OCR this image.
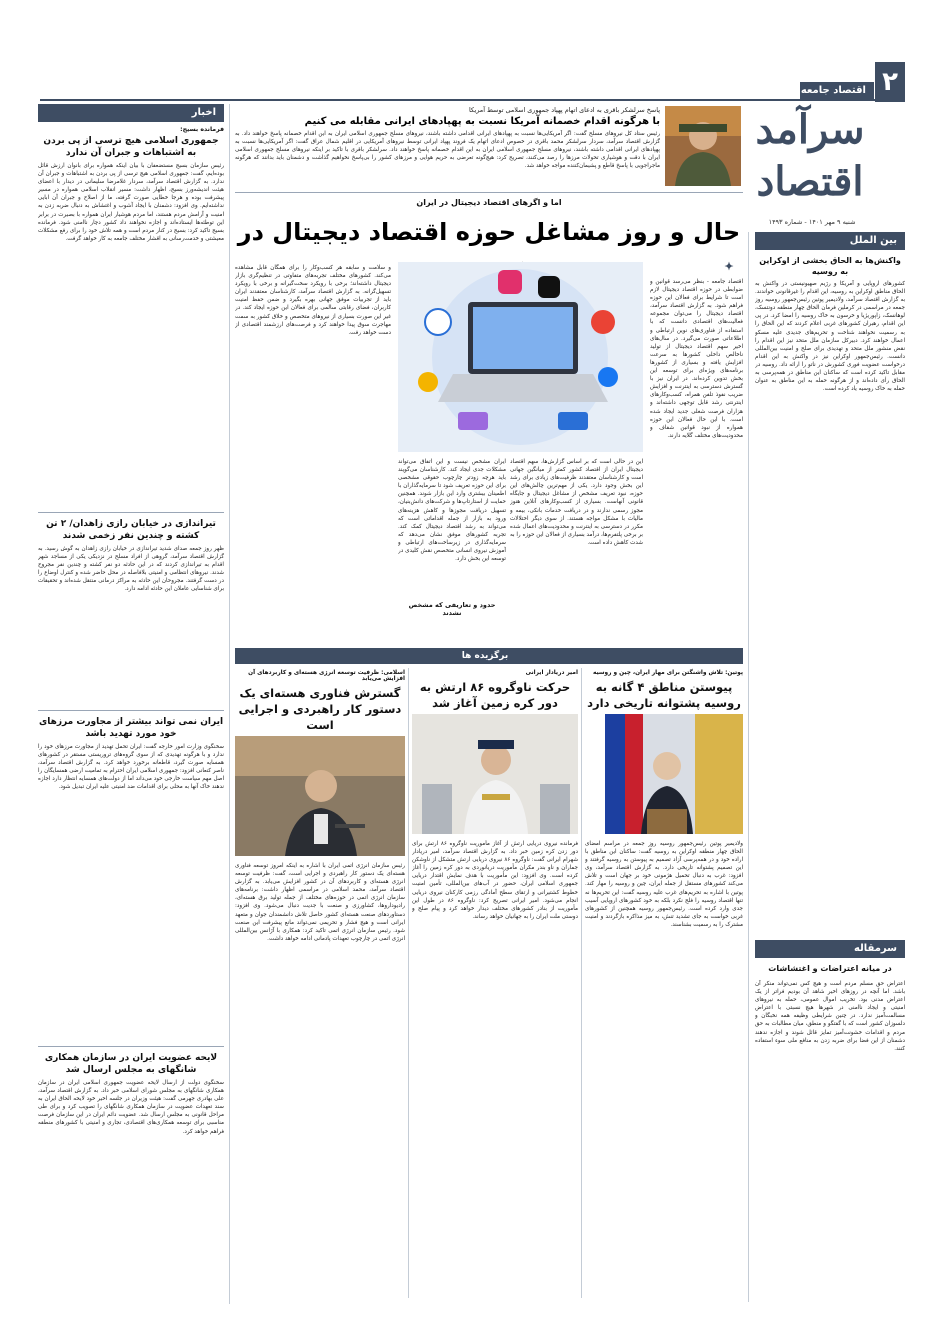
۲
اقتصاد جامعه
سرآمد اقتصاد
شنبه ۹ مهر ۱۴۰۱ - شماره ۱۴۹۳
پاسخ سرلشکر باقری به ادعای اتهام پهپاد جمهوری اسلامی توسط آمریکا
با هرگونه اقدام خصمانه آمریکا نسبت به پهپادهای ایرانی مقابله می کنیم
رئیس ستاد کل نیروهای مسلح گفت: اگر آمریکایی‌ها نسبت به پهپادهای ایرانی اقدامی داشته باشند، نیروهای مسلح جمهوری اسلامی ایران به این اقدام خصمانه پاسخ خواهند داد. به گزارش اقتصاد سرآمد، سردار سرلشکر محمد باقری در خصوص ادعای اتهام یک فروند پهپاد ایرانی توسط نیروهای آمریکایی در اقلیم شمال عراق گفت: اگر آمریکایی‌ها نسبت به پهپادهای ایرانی اقدامی داشته باشند، نیروهای مسلح جمهوری اسلامی ایران به این اقدام خصمانه پاسخ خواهند داد. سرلشکر باقری با تاکید بر اینکه نیروهای مسلح جمهوری اسلامی ایران با دقت و هوشیاری تحولات مرزها را رصد می‌کنند، تصریح کرد: هیچ‌گونه تعرضی به حریم هوایی و مرزهای کشور را بی‌پاسخ نخواهیم گذاشت و دشمنان باید بدانند که هرگونه ماجراجویی با پاسخ قاطع و پشیمان‌کننده مواجه خواهد شد.
اخبار
فرمانده بسیج:
جمهوری اسلامی هیچ ترسی از پی بردن به اشتباهات و جبران آن ندارد
رئیس سازمان بسیج مستضعفان با بیان اینکه همواره برای بانوان ارزش قائل بوده‌ایم، گفت: جمهوری اسلامی هیچ ترسی از پی بردن به اشتباهات و جبران آن ندارد. به گزارش اقتصاد سرآمد، سردار غلامرضا سلیمانی در دیدار با اعضای هیئت اندیشه‌ورز بسیج، اظهار داشت: مسیر انقلاب اسلامی همواره در مسیر پیشرفت بوده و هرجا خطایی صورت گرفته، ما از اصلاح و جبران آن ابایی نداشته‌ایم. وی افزود: دشمنان با ایجاد آشوب و اغتشاش به دنبال ضربه زدن به امنیت و آرامش مردم هستند، اما مردم هوشیار ایران همواره با بصیرت در برابر این توطئه‌ها ایستاده‌اند و اجازه نخواهند داد کشور دچار ناامنی شود. فرمانده بسیج تاکید کرد: بسیج در کنار مردم است و همه تلاش خود را برای رفع مشکلات معیشتی و خدمت‌رسانی به اقشار مختلف جامعه به کار خواهد گرفت.
تیراندازی در خیابان رازی زاهدان/ ۲ تن کشته و چندین نفر زخمی شدند
ظهر روز جمعه صدای شدید تیراندازی در خیابان رازی زاهدان به گوش رسید. به گزارش اقتصاد سرآمد، گروهی از افراد مسلح در نزدیکی یکی از مساجد شهر اقدام به تیراندازی کردند که در این حادثه دو نفر کشته و چندین نفر مجروح شدند. نیروهای انتظامی و امنیتی بلافاصله در محل حاضر شده و کنترل اوضاع را در دست گرفتند. مجروحان این حادثه به مراکز درمانی منتقل شده‌اند و تحقیقات برای شناسایی عاملان این حادثه ادامه دارد.
ایران نمی تواند بیشتر از مجاورت مرزهای خود مورد تهدید باشد
سخنگوی وزارت امور خارجه گفت: ایران تحمل تهدید از مجاورت مرزهای خود را ندارد و با هرگونه تهدیدی که از سوی گروه‌های تروریستی مستقر در کشورهای همسایه صورت گیرد، قاطعانه برخورد خواهد کرد. به گزارش اقتصاد سرآمد، ناصر کنعانی افزود: جمهوری اسلامی ایران احترام به تمامیت ارضی همسایگان را اصل مهم سیاست خارجی خود می‌داند اما از دولت‌های همسایه انتظار دارد اجازه ندهند خاک آنها به محلی برای اقدامات ضد امنیتی علیه ایران تبدیل شود.
لایحه عضویت ایران در سازمان همکاری شانگهای به مجلس ارسال شد
سخنگوی دولت از ارسال لایحه عضویت جمهوری اسلامی ایران در سازمان همکاری شانگهای به مجلس شورای اسلامی خبر داد. به گزارش اقتصاد سرآمد، علی بهادری جهرمی گفت: هیئت وزیران در جلسه اخیر خود لایحه الحاق ایران به سند تعهدات عضویت در سازمان همکاری شانگهای را تصویب کرد و برای طی مراحل قانونی به مجلس ارسال شد. عضویت دائم ایران در این سازمان فرصت مناسبی برای توسعه همکاری‌های اقتصادی، تجاری و امنیتی با کشورهای منطقه فراهم خواهد کرد.
اما و اگرهای اقتصاد دیجیتال در ایران
حال و روز مشاغل حوزه اقتصاد دیجیتال در
✦
اقتصاد جامعه - بنظر می‌رسد قوانین و ضوابطی در حوزه اقتصاد دیجیتال لازم است تا شرایط برای فعالان این حوزه فراهم شود. به گزارش اقتصاد سرآمد، اقتصاد دیجیتال را می‌توان مجموعه فعالیت‌های اقتصادی دانست که با استفاده از فناوری‌های نوین ارتباطی و اطلاعاتی صورت می‌گیرد. در سال‌های اخیر سهم اقتصاد دیجیتال از تولید ناخالص داخلی کشورها به سرعت افزایش یافته و بسیاری از کشورها برنامه‌های ویژه‌ای برای توسعه این بخش تدوین کرده‌اند. در ایران نیز با گسترش دسترسی به اینترنت و افزایش ضریب نفوذ تلفن همراه، کسب‌وکارهای اینترنتی رشد قابل توجهی داشته‌اند و هزاران فرصت شغلی جدید ایجاد شده است. با این حال فعالان این حوزه همواره از نبود قوانین شفاف و محدودیت‌های مختلف گلایه دارند.
این در حالی است که بر اساس گزارش‌ها، سهم اقتصاد دیجیتال ایران از اقتصاد کشور کمتر از میانگین جهانی است و کارشناسان معتقدند ظرفیت‌های زیادی برای رشد این بخش وجود دارد. یکی از مهم‌ترین چالش‌های این حوزه، نبود تعریف مشخص از مشاغل دیجیتال و جایگاه قانونی آنهاست. بسیاری از کسب‌وکارهای آنلاین هنوز مجوز رسمی ندارند و در دریافت خدمات بانکی، بیمه و مالیات با مشکل مواجه هستند. از سوی دیگر اختلالات مکرر در دسترسی به اینترنت و محدودیت‌های اعمال شده بر برخی پلتفرم‌ها، درآمد بسیاری از فعالان این حوزه را به شدت کاهش داده است.
ایران مشخص نیست و این اتفاق می‌تواند مشکلات جدی ایجاد کند. کارشناسان می‌گویند باید هرچه زودتر چارچوب حقوقی مشخصی برای این حوزه تعریف شود تا سرمایه‌گذاران با اطمینان بیشتری وارد این بازار شوند. همچنین حمایت از استارتاپ‌ها و شرکت‌های دانش‌بنیان، تسهیل دریافت مجوزها و کاهش هزینه‌های ورود به بازار از جمله اقداماتی است که می‌تواند به رشد اقتصاد دیجیتال کمک کند. تجربه کشورهای موفق نشان می‌دهد که سرمایه‌گذاری در زیرساخت‌های ارتباطی و آموزش نیروی انسانی متخصص نقش کلیدی در توسعه این بخش دارد.
حدود و تعاریفی که مشخص نشدند
و سلامت و سابقه هر کسب‌وکار را برای همگان قابل مشاهده می‌کند. کشورهای مختلف تجربه‌های متفاوتی در تنظیم‌گری بازار دیجیتال داشته‌اند؛ برخی با رویکرد سخت‌گیرانه و برخی با رویکرد تسهیل‌گرانه. به گزارش اقتصاد سرآمد، کارشناسان معتقدند ایران باید از تجربیات موفق جهانی بهره بگیرد و ضمن حفظ امنیت کاربران، فضای رقابتی سالمی برای فعالان این حوزه ایجاد کند. در غیر این صورت بسیاری از نیروهای متخصص و خلاق کشور به سمت مهاجرت سوق پیدا خواهند کرد و فرصت‌های ارزشمند اقتصادی از دست خواهد رفت.
بین الملل
واکنش‌ها به الحاق بخشی از اوکراین به روسیه
کشورهای اروپایی و آمریکا و رژیم صهیونیستی در واکنش به الحاق مناطق اوکراین به روسیه، این اقدام را غیرقانونی خواندند. به گزارش اقتصاد سرآمد، ولادیمیر پوتین رئیس‌جمهور روسیه روز جمعه در مراسمی در کرملین فرمان الحاق چهار منطقه دونتسک، لوهانسک، زاپوریژیا و خرسون به خاک روسیه را امضا کرد. در پی این اقدام، رهبران کشورهای غربی اعلام کردند که این الحاق را به رسمیت نخواهند شناخت و تحریم‌های جدیدی علیه مسکو اعمال خواهند کرد. دبیرکل سازمان ملل متحد نیز این اقدام را نقض منشور ملل متحد و تهدیدی برای صلح و امنیت بین‌المللی دانست. رئیس‌جمهور اوکراین نیز در واکنش به این اقدام درخواست عضویت فوری کشورش در ناتو را ارائه داد. روسیه در مقابل تاکید کرده است که ساکنان این مناطق در همه‌پرسی به الحاق رأی داده‌اند و از هرگونه حمله به این مناطق به عنوان حمله به خاک روسیه یاد کرده است.
سرمقاله
در میانه اعتراضات و اغتشاشات
اعتراض حق مسلم مردم است و هیچ کس نمی‌تواند منکر آن باشد. اما آنچه در روزهای اخیر شاهد آن بودیم فراتر از یک اعتراض مدنی بود. تخریب اموال عمومی، حمله به نیروهای امنیتی و ایجاد ناامنی در شهرها هیچ نسبتی با اعتراض مسالمت‌آمیز ندارد. در چنین شرایطی وظیفه همه نخبگان و دلسوزان کشور است که با گفتگو و منطق، میان مطالبات به حق مردم و اقدامات خشونت‌آمیز تمایز قائل شوند و اجازه ندهند دشمنان از این فضا برای ضربه زدن به منافع ملی سوء استفاده کنند.
برگزیده ها
پوتین: تلاش واشنگتن برای مهار ایران، چین و روسیه
پیوستن مناطق ۴ گانه به روسیه پشتوانه تاریخی دارد
ولادیمیر پوتین رئیس‌جمهور روسیه روز جمعه در مراسم امضای الحاق چهار منطقه اوکراین به روسیه گفت: ساکنان این مناطق با اراده خود و در همه‌پرسی آزاد تصمیم به پیوستن به روسیه گرفتند و این تصمیم پشتوانه تاریخی دارد. به گزارش اقتصاد سرآمد، وی افزود: غرب به دنبال تحمیل هژمونی خود بر جهان است و تلاش می‌کند کشورهای مستقل از جمله ایران، چین و روسیه را مهار کند. پوتین با اشاره به تحریم‌های غرب علیه روسیه گفت: این تحریم‌ها نه تنها اقتصاد روسیه را فلج نکرد بلکه به خود کشورهای اروپایی آسیب جدی وارد کرده است. رئیس‌جمهور روسیه همچنین از کشورهای غربی خواست به جای تشدید تنش، به میز مذاکره بازگردند و امنیت مشترک را به رسمیت بشناسند.
امیر دریادار ایرانی
حرکت ناوگروه ۸۶ ارتش به دور کره زمین آغاز شد
فرمانده نیروی دریایی ارتش از آغاز مأموریت ناوگروه ۸۶ ارتش برای دور زدن کره زمین خبر داد. به گزارش اقتصاد سرآمد، امیر دریادار شهرام ایرانی گفت: ناوگروه ۸۶ نیروی دریایی ارتش متشکل از ناوشکن جماران و ناو بندر مکران مأموریت دریانوردی به دور کره زمین را آغاز کرده است. وی افزود: این مأموریت با هدف نمایش اقتدار دریایی جمهوری اسلامی ایران، حضور در آب‌های بین‌المللی، تأمین امنیت خطوط کشتیرانی و ارتقای سطح آمادگی رزمی کارکنان نیروی دریایی انجام می‌شود. امیر ایرانی تصریح کرد: ناوگروه ۸۶ در طول این مأموریت از بنادر کشورهای مختلف دیدار خواهد کرد و پیام صلح و دوستی ملت ایران را به جهانیان خواهد رساند.
اسلامی: ظرفیت توسعه انرژی هسته‌ای و کاربردهای آن افزایش می‌یابد
گسترش فناوری هسته‌ای یک دستور کار راهبردی و اجرایی است
رئیس سازمان انرژی اتمی ایران با اشاره به اینکه امروز توسعه فناوری هسته‌ای یک دستور کار راهبردی و اجرایی است، گفت: ظرفیت توسعه انرژی هسته‌ای و کاربردهای آن در کشور افزایش می‌یابد. به گزارش اقتصاد سرآمد، محمد اسلامی در مراسمی اظهار داشت: برنامه‌های سازمان انرژی اتمی در حوزه‌های مختلف از جمله تولید برق هسته‌ای، رادیوداروها، کشاورزی و صنعت با جدیت دنبال می‌شود. وی افزود: دستاوردهای صنعت هسته‌ای کشور حاصل تلاش دانشمندان جوان و متعهد ایرانی است و هیچ فشار و تحریمی نمی‌تواند مانع پیشرفت این صنعت شود. رئیس سازمان انرژی اتمی تاکید کرد: همکاری با آژانس بین‌المللی انرژی اتمی در چارچوب تعهدات پادمانی ادامه خواهد داشت.
